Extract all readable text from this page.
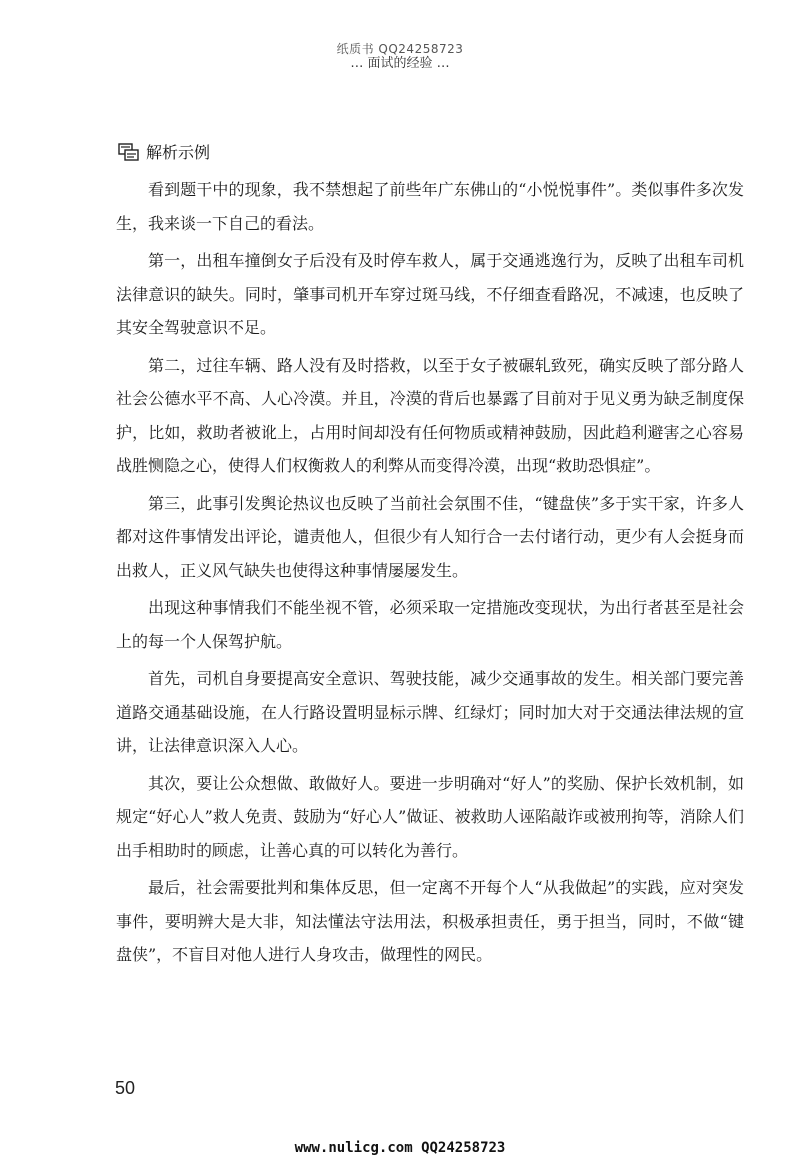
纸质书 QQ24258723
… 面试的经验 …
解析示例

看到题干中的现象，我不禁想起了前些年广东佛山的“小悦悦事件”。类似事件多次发生，我来谈一下自己的看法。

第一，出租车撞倒女子后没有及时停车救人，属于交通逃逸行为，反映了出租车司机法律意识的缺失。同时，肇事司机开车穿过斑马线，不仔细查看路况，不减速，也反映了其安全驾驶意识不足。

第二，过往车辆、路人没有及时搭救，以至于女子被碾轧致死，确实反映了部分路人社会公德水平不高、人心冷漠。并且，冷漠的背后也暴露了目前对于见义勇为缺乏制度保护，比如，救助者被讹上，占用时间却没有任何物质或精神鼓励，因此趋利避害之心容易战胜恻隐之心，使得人们权衡救人的利弊从而变得冷漠，出现“救助恐惧症”。

第三，此事引发舆论热议也反映了当前社会氛围不佳，“键盘侠”多于实干家，许多人都对这件事情发出评论，谴责他人，但很少有人知行合一去付诸行动，更少有人会挺身而出救人，正义风气缺失也使得这种事情屡屡发生。

出现这种事情我们不能坐视不管，必须采取一定措施改变现状，为出行者甚至是社会上的每一个人保驾护航。

首先，司机自身要提高安全意识、驾驶技能，减少交通事故的发生。相关部门要完善道路交通基础设施，在人行路设置明显标示牌、红绿灯；同时加大对于交通法律法规的宣讲，让法律意识深入人心。

其次，要让公众想做、敢做好人。要进一步明确对“好人”的奖励、保护长效机制，如规定“好心人”救人免责、鼓励为“好心人”做证、被救助人诬陷敲诈或被刑拘等，消除人们出手相助时的顾虑，让善心真的可以转化为善行。

最后，社会需要批判和集体反思，但一定离不开每个人“从我做起”的实践，应对突发事件，要明辨大是大非，知法懂法守法用法，积极承担责任，勇于担当，同时，不做“键盘侠”，不盲目对他人进行人身攻击，做理性的网民。

50
www.nulicg.com QQ24258723
